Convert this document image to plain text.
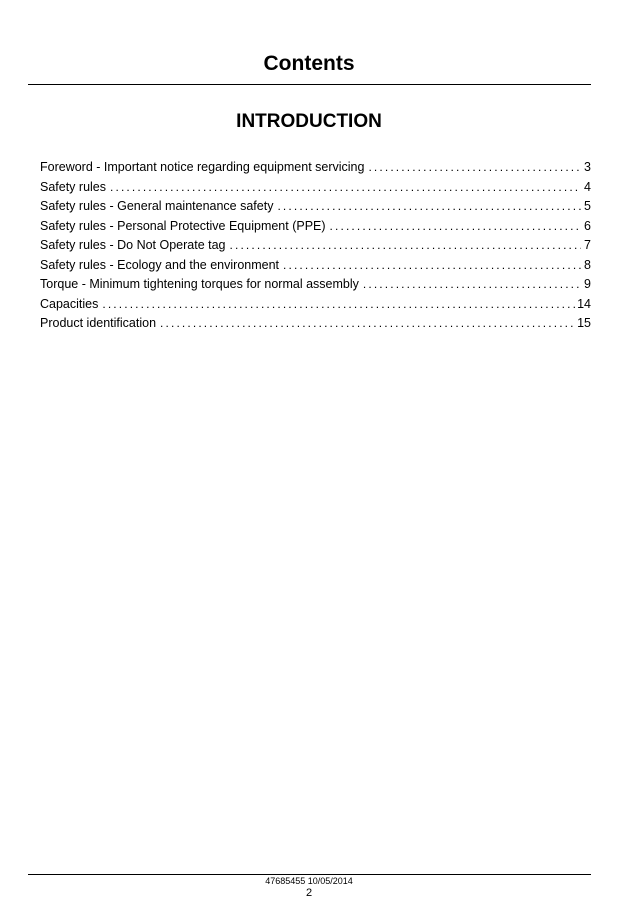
Contents
INTRODUCTION
Foreword - Important notice regarding equipment servicing . . .	3
Safety rules . . .	4
Safety rules - General maintenance safety . . .	5
Safety rules - Personal Protective Equipment (PPE) . . .	6
Safety rules - Do Not Operate tag . . .	7
Safety rules - Ecology and the environment . . .	8
Torque - Minimum tightening torques for normal assembly . . .	9
Capacities . . .	14
Product identification . . .	15
47685455 10/05/2014
2
